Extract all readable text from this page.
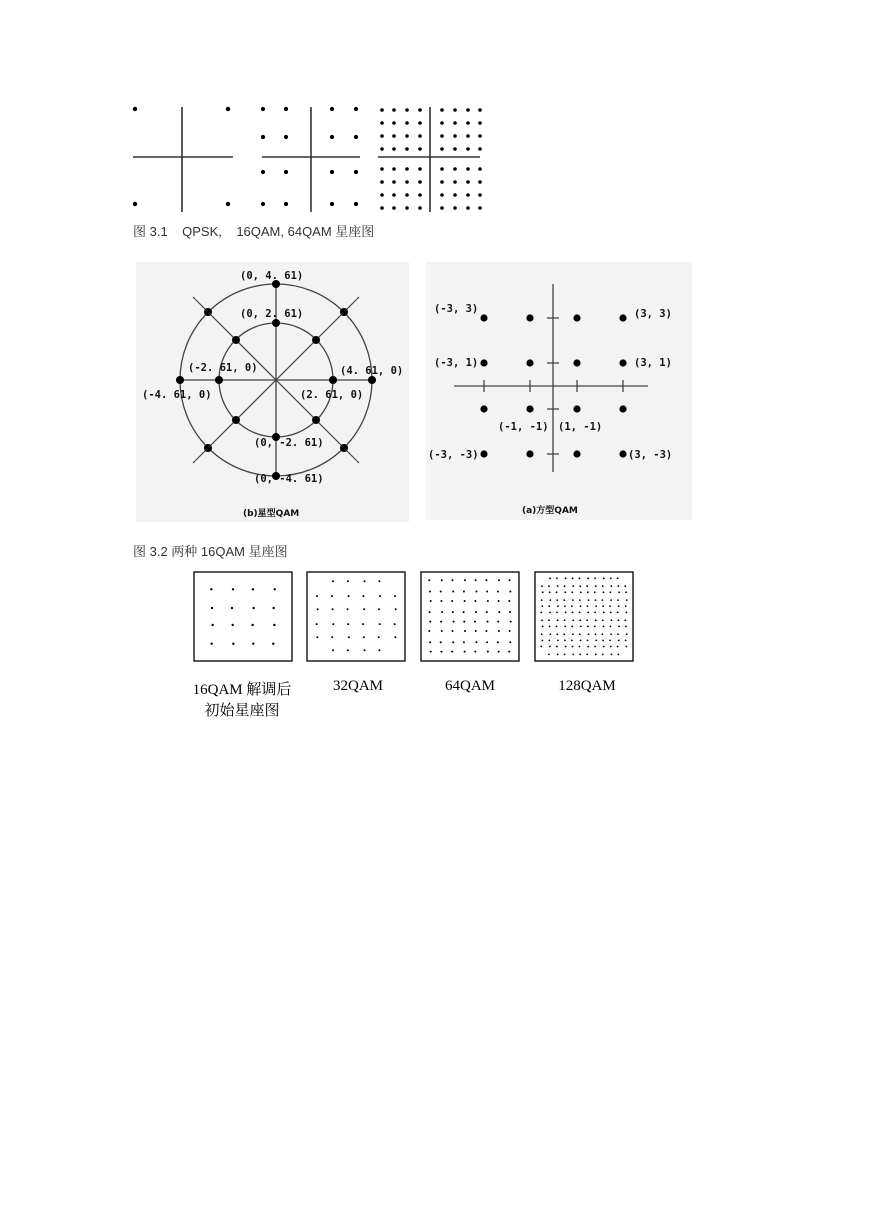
图 3.1    QPSK,    16QAM, 64QAM 星座图
(0, 4. 61)
(0, 2. 61)
(-2. 61, 0)
(-4. 61, 0)
(4. 61, 0)
(2. 61, 0)
(0, -2. 61)
(0, -4. 61)
(b)星型QAM
(-3, 3)	(3, 3)
(-3, 1)	(3, 1)
(-1, -1) (1, -1)
(-3, -3)	(3, -3)
(a)方型QAM
图 3.2 两种 16QAM 星座图
16QAM 解调后
初始星座图
32QAM	64QAM	128QAM
